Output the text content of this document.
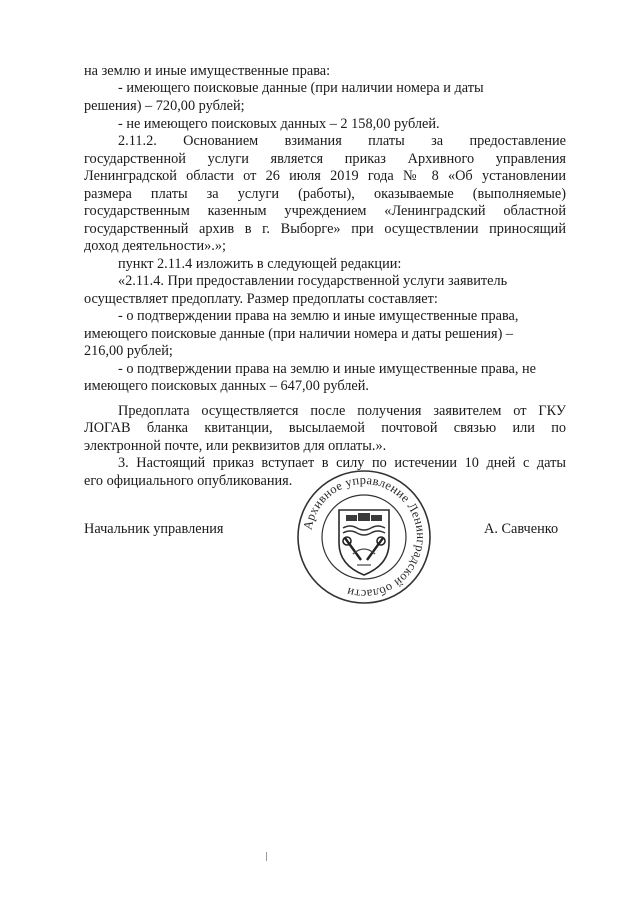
на землю и иные имущественные права:
- имеющего поисковые данные (при наличии номера и даты
решения) – 720,00 рублей;
- не имеющего поисковых данных – 2 158,00 рублей.
2.11.2. Основанием взимания платы за предоставление
государственной услуги является приказ Архивного управления
Ленинградской области от 26 июля 2019 года № 8 «Об установлении
размера платы за услуги (работы), оказываемые (выполняемые)
государственным казенным учреждением «Ленинградский областной
государственный архив в г. Выборге» при осуществлении приносящий
доход деятельности».»;
пункт 2.11.4 изложить в следующей редакции:
«2.11.4. При предоставлении государственной услуги заявитель
осуществляет предоплату. Размер предоплаты составляет:
- о подтверждении права на землю и иные имущественные права,
имеющего поисковые данные (при наличии номера и даты решения) –
216,00 рублей;
- о подтверждении права на землю и иные имущественные права, не
имеющего поисковых данных – 647,00 рублей.
Предоплата осуществляется после получения заявителем от ГКУ
ЛОГАВ бланка квитанции, высылаемой почтовой связью или по
электронной почте, или реквизитов для оплаты.».
3. Настоящий приказ вступает в силу по истечении 10 дней с даты
его официального опубликования.
Начальник управления	А. Савченко
Архивное управление Ленинградской области
